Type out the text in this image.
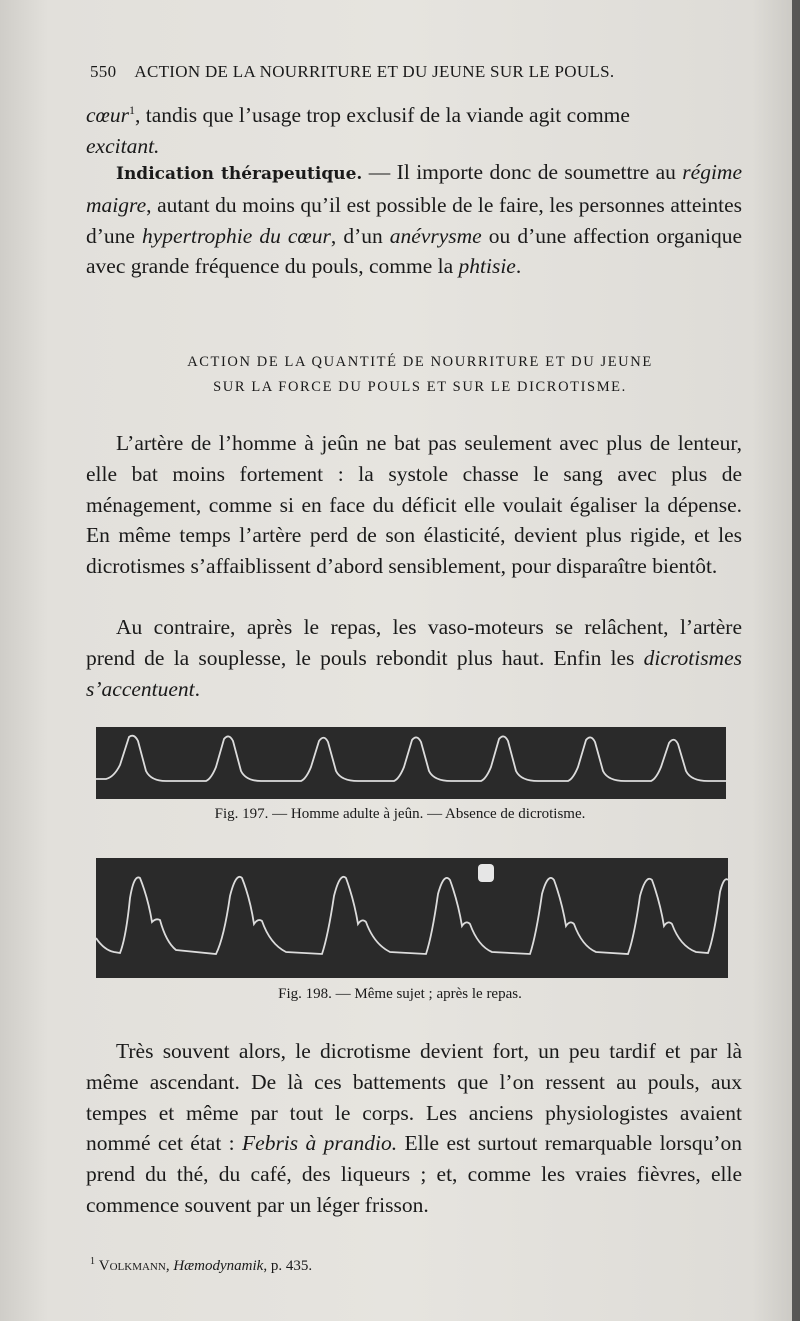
550 ACTION DE LA NOURRITURE ET DU JEUNE SUR LE POULS.
cœur$^1$, tandis que l’usage trop exclusif de la viande agit comme
excitant.
Indication thérapeutique. — Il importe donc de soumettre au régime maigre, autant du moins qu’il est possible de le faire, les personnes atteintes d’une hypertrophie du cœur, d’un anévrysme ou d’une affection organique avec grande fréquence du pouls, comme la phtisie.
ACTION DE LA QUANTITÉ DE NOURRITURE ET DU JEUNE
SUR LA FORCE DU POULS ET SUR LE DICROTISME.
L’artère de l’homme à jeûn ne bat pas seulement avec plus de lenteur, elle bat moins fortement : la systole chasse le sang avec plus de ménagement, comme si en face du déficit elle voulait égaliser la dépense. En même temps l’artère perd de son élasticité, devient plus rigide, et les dicrotismes s’affaiblissent d’abord sensiblement, pour disparaître bientôt.
Au contraire, après le repas, les vaso-moteurs se relâchent, l’artère prend de la souplesse, le pouls rebondit plus haut. Enfin les dicrotismes s’accentuent.
Fig. 197. — Homme adulte à jeûn. — Absence de dicrotisme.
Fig. 198. — Même sujet ; après le repas.
Très souvent alors, le dicrotisme devient fort, un peu tardif et par là même ascendant. De là ces battements que l’on ressent au pouls, aux tempes et même par tout le corps. Les anciens physiologistes avaient nommé cet état : Febris à prandio. Elle est surtout remarquable lorsqu’on prend du thé, du café, des liqueurs ; et, comme les vraies fièvres, elle commence souvent par un léger frisson.
$^1$ Volkmann, Hæmodynamik, p. 435.
